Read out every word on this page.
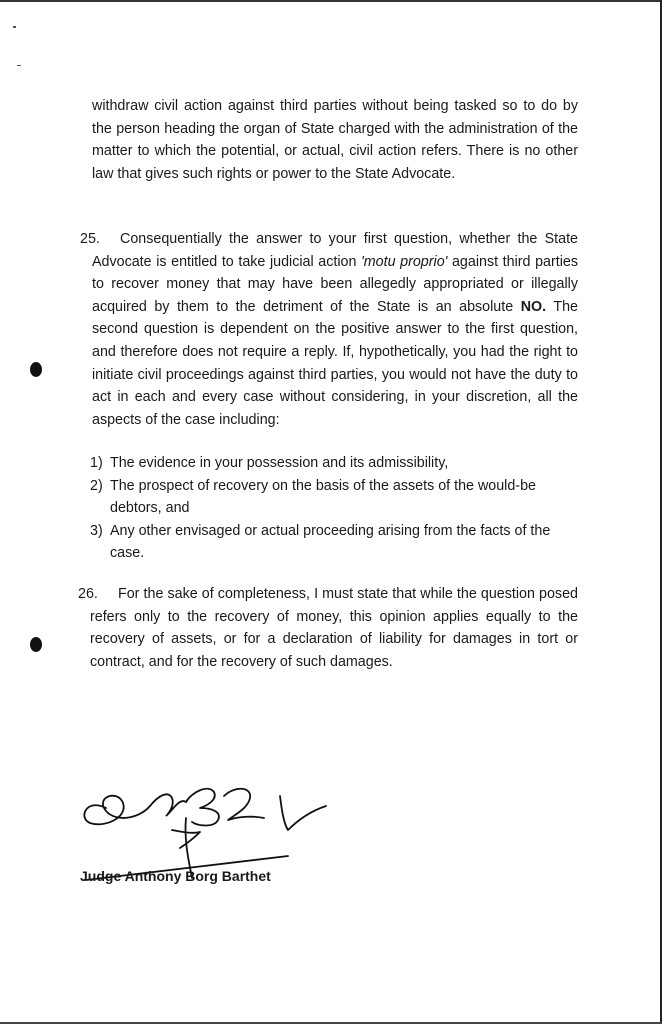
withdraw civil action against third parties without being tasked so to do by the person heading the organ of State charged with the administration of the matter to which the potential, or actual, civil action refers. There is no other law that gives such rights or power to the State Advocate.

25. Consequentially the answer to your first question, whether the State Advocate is entitled to take judicial action 'motu proprio' against third parties to recover money that may have been allegedly appropriated or illegally acquired by them to the detriment of the State is an absolute NO. The second question is dependent on the positive answer to the first question, and therefore does not require a reply. If, hypothetically, you had the right to initiate civil proceedings against third parties, you would not have the duty to act in each and every case without considering, in your discretion, all the aspects of the case including:

1) The evidence in your possession and its admissibility,
2) The prospect of recovery on the basis of the assets of the would-be debtors, and
3) Any other envisaged or actual proceeding arising from the facts of the case.

26. For the sake of completeness, I must state that while the question posed refers only to the recovery of money, this opinion applies equally to the recovery of assets, or for a declaration of liability for damages in tort or contract, and for the recovery of such damages.

Judge Anthony Borg Barthet
